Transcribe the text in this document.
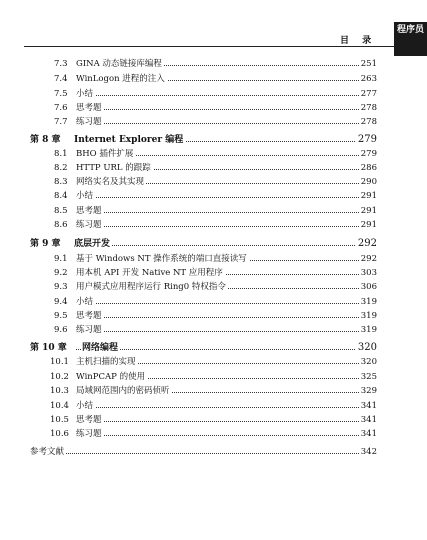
目 录
程序员
7.3 GINA 动态链接库编程	251
7.4 WinLogon 进程的注入	263
7.5 小结	277
7.6 思考题	278
7.7 练习题	278
第 8 章 Internet Explorer 编程	279
8.1 BHO 插件扩展	279
8.2 HTTP URL 的跟踪	286
8.3 网络实名及其实现	290
8.4 小结	291
8.5 思考题	291
8.6 练习题	291
第 9 章 底层开发	292
9.1 基于 Windows NT 操作系统的端口直接读写	292
9.2 用本机 API 开发 Native NT 应用程序	303
9.3 用户模式应用程序运行 Ring0 特权指令	306
9.4 小结	319
9.5 思考题	319
9.6 练习题	319
第 10 章 网络编程	320
10.1 主机扫描的实现	320
10.2 WinPCAP 的使用	325
10.3 局域网范围内的密码侦听	329
10.4 小结	341
10.5 思考题	341
10.6 练习题	341
参考文献	342
